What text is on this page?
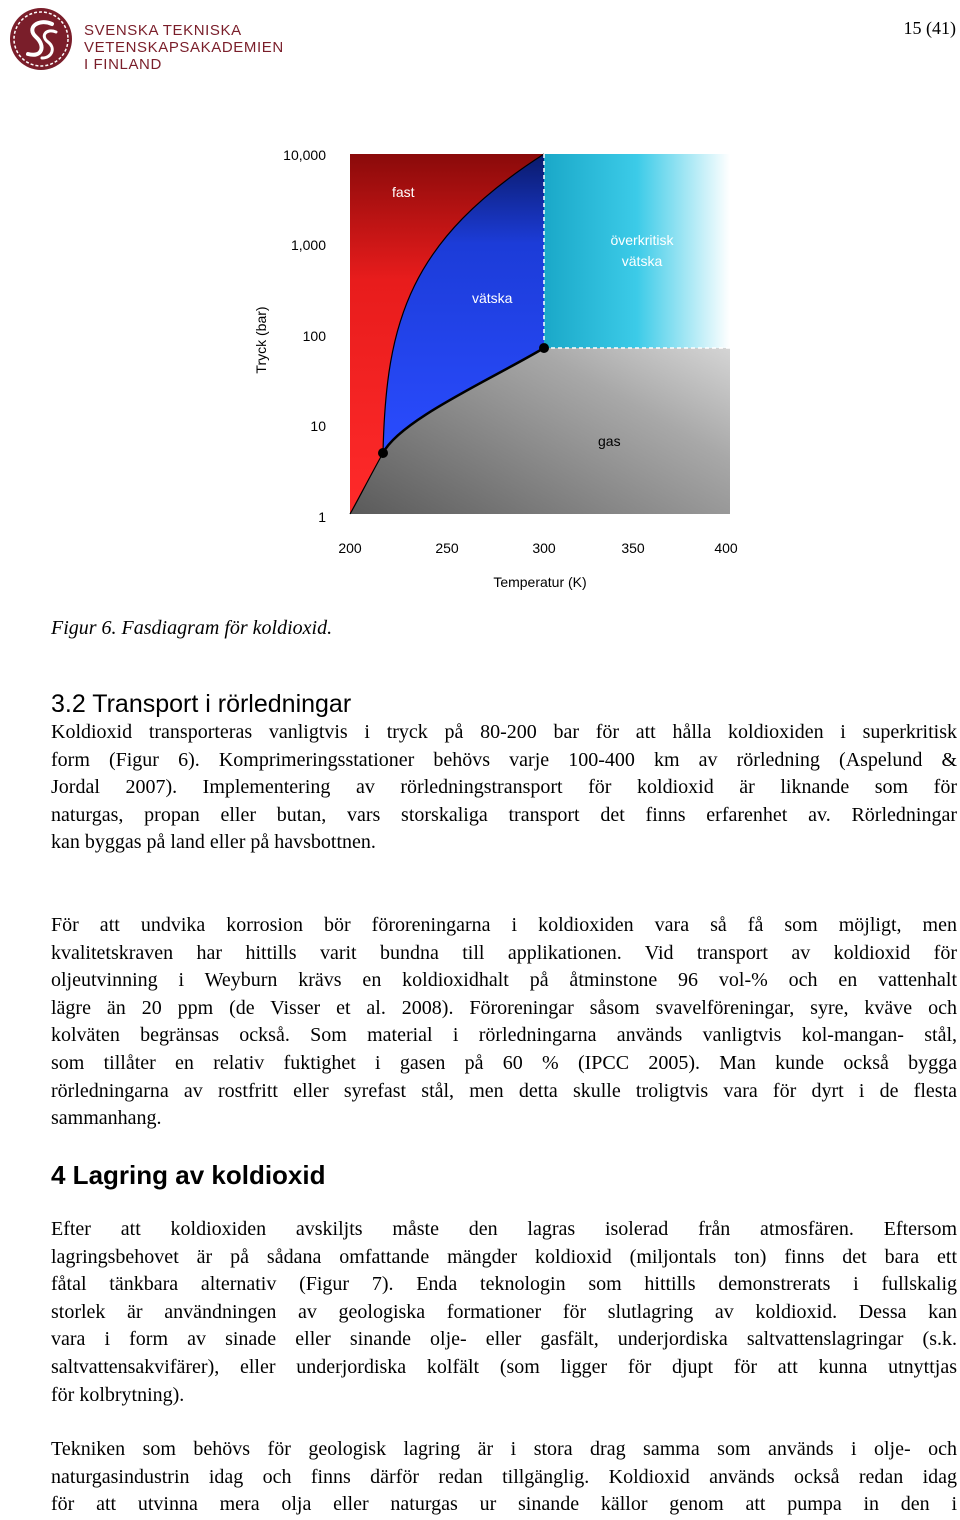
SVENSKA TEKNISKA
VETENSKAPSAKADEMIEN
I FINLAND
15 (41)
10,000
1,000
100
10
1
200	250	300	350	400
Temperatur (K)
Tryck (bar)
fast
vätska
överkritisk
vätska
gas
Figur 6. Fasdiagram för koldioxid.
3.2 Transport i rörledningar
Koldioxid transporteras vanligtvis i tryck på 80-200 bar för att hålla koldioxiden i superkritisk
form (Figur 6). Komprimeringsstationer behövs varje 100-400 km av rörledning (Aspelund &
Jordal 2007). Implementering av rörledningstransport för koldioxid är liknande som för
naturgas, propan eller butan, vars storskaliga transport det finns erfarenhet av. Rörledningar
kan byggas på land eller på havsbottnen.
För att undvika korrosion bör föroreningarna i koldioxiden vara så få som möjligt, men
kvalitetskraven har hittills varit bundna till applikationen. Vid transport av koldioxid för
oljeutvinning i Weyburn krävs en koldioxidhalt på åtminstone 96 vol-% och en vattenhalt
lägre än 20 ppm (de Visser et al. 2008). Föroreningar såsom svavelföreningar, syre, kväve och
kolväten begränsas också. Som material i rörledningarna används vanligtvis kol-mangan- stål,
som tillåter en relativ fuktighet i gasen på 60 % (IPCC 2005). Man kunde också bygga
rörledningarna av rostfritt eller syrefast stål, men detta skulle troligtvis vara för dyrt i de flesta
sammanhang.
4 Lagring av koldioxid
Efter att koldioxiden avskiljts måste den lagras isolerad från atmosfären. Eftersom
lagringsbehovet är på sådana omfattande mängder koldioxid (miljontals ton) finns det bara ett
fåtal tänkbara alternativ (Figur 7). Enda teknologin som hittills demonstrerats i fullskalig
storlek är användningen av geologiska formationer för slutlagring av koldioxid. Dessa kan
vara i form av sinade eller sinande olje- eller gasfält, underjordiska saltvattenslagringar (s.k.
saltvattensakvifärer), eller underjordiska kolfält (som ligger för djupt för att kunna utnyttjas
för kolbrytning).
Tekniken som behövs för geologisk lagring är i stora drag samma som används i olje- och
naturgasindustrin idag och finns därför redan tillgänglig. Koldioxid används också redan idag
för att utvinna mera olja eller naturgas ur sinande källor genom att pumpa in den i
